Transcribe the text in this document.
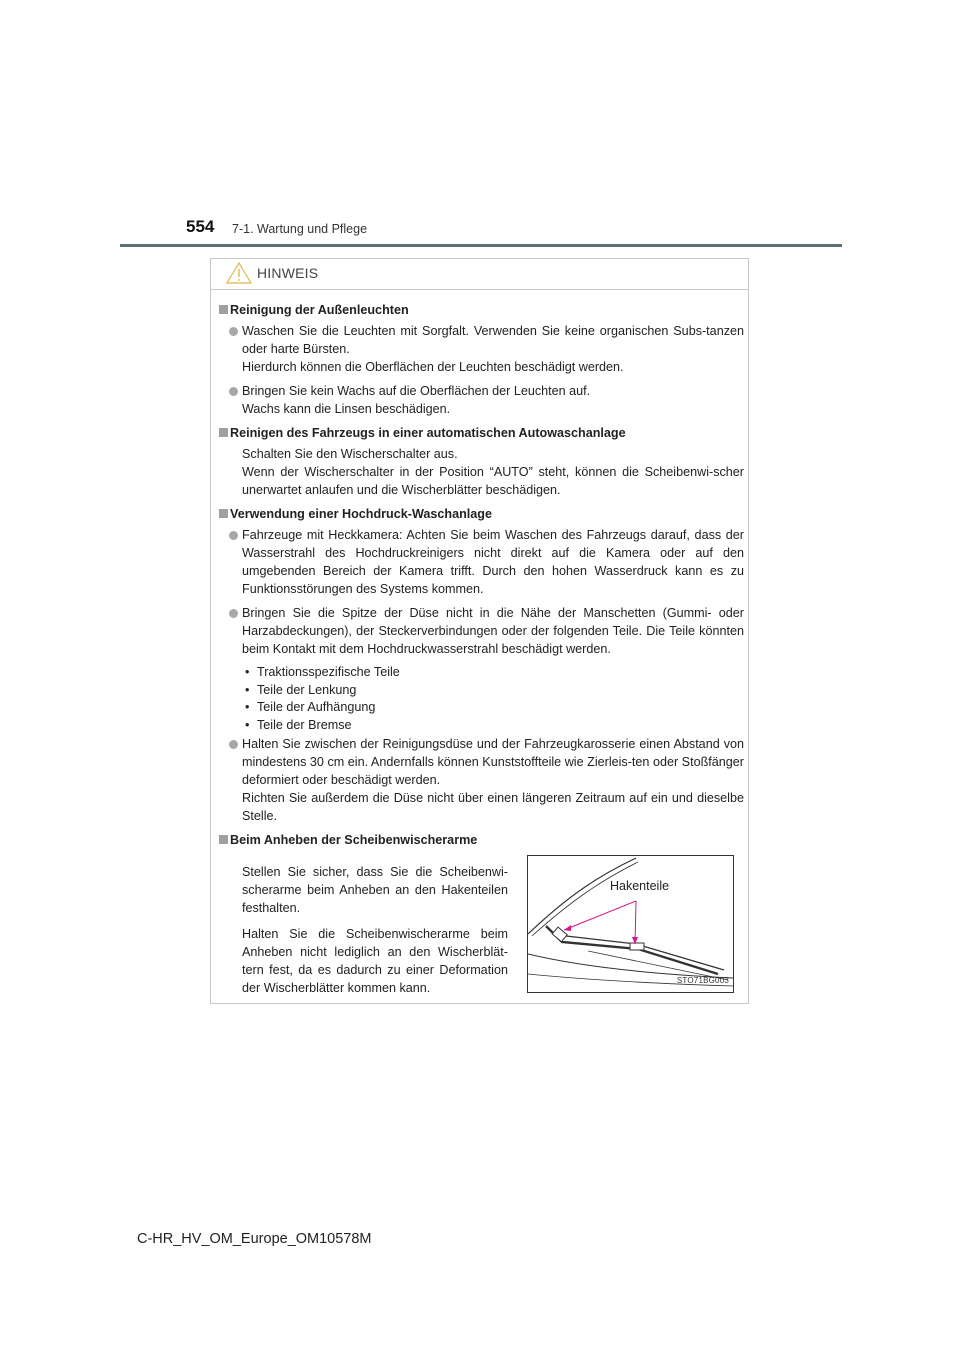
554 7-1. Wartung und Pflege
HINWEIS
Reinigung der Außenleuchten
Waschen Sie die Leuchten mit Sorgfalt. Verwenden Sie keine organischen Subs-tanzen oder harte Bürsten.
Hierdurch können die Oberflächen der Leuchten beschädigt werden.
Bringen Sie kein Wachs auf die Oberflächen der Leuchten auf.
Wachs kann die Linsen beschädigen.
Reinigen des Fahrzeugs in einer automatischen Autowaschanlage
Schalten Sie den Wischerschalter aus.
Wenn der Wischerschalter in der Position “AUTO” steht, können die Scheibenwi-scher unerwartet anlaufen und die Wischerblätter beschädigen.
Verwendung einer Hochdruck-Waschanlage
Fahrzeuge mit Heckkamera: Achten Sie beim Waschen des Fahrzeugs darauf, dass der Wasserstrahl des Hochdruckreinigers nicht direkt auf die Kamera oder auf den umgebenden Bereich der Kamera trifft. Durch den hohen Wasserdruck kann es zu Funktionsstörungen des Systems kommen.
Bringen Sie die Spitze der Düse nicht in die Nähe der Manschetten (Gummi- oder Harzabdeckungen), der Steckerverbindungen oder der folgenden Teile. Die Teile könnten beim Kontakt mit dem Hochdruckwasserstrahl beschädigt werden.
• Traktionsspezifische Teile
• Teile der Lenkung
• Teile der Aufhängung
• Teile der Bremse
Halten Sie zwischen der Reinigungsdüse und der Fahrzeugkarosserie einen Abstand von mindestens 30 cm ein. Andernfalls können Kunststoffteile wie Zierleis-ten oder Stoßfänger deformiert oder beschädigt werden.
Richten Sie außerdem die Düse nicht über einen längeren Zeitraum auf ein und dieselbe Stelle.
Beim Anheben der Scheibenwischerarme

Stellen Sie sicher, dass Sie die Scheibenwi-scherarme beim Anheben an den Hakenteilen festhalten.

Halten Sie die Scheibenwischerarme beim Anheben nicht lediglich an den Wischerblät-tern fest, da es dadurch zu einer Deformation der Wischerblätter kommen kann.

Hakenteile
STO71BG003
C-HR_HV_OM_Europe_OM10578M
